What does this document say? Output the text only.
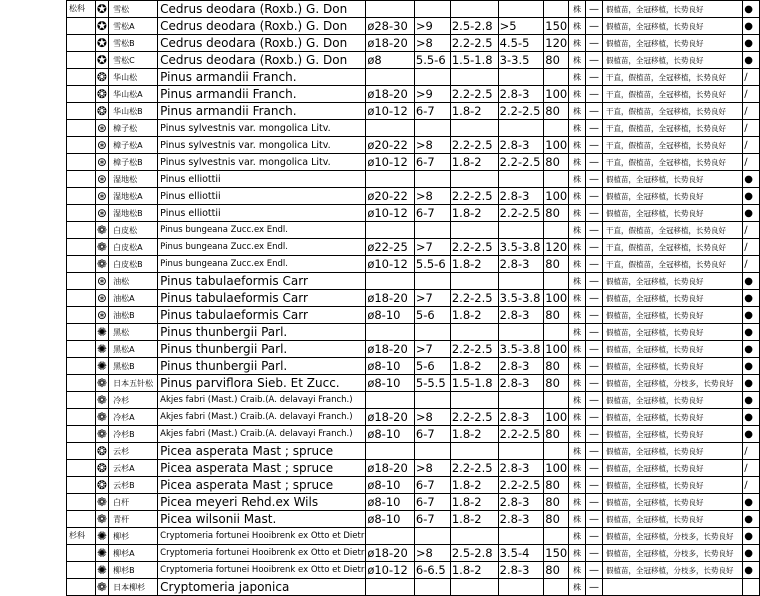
松科	✪	雪松	Cedrus deodara (Roxb.) G. Don						株	—	假植苗，全冠移植，长势良好	●
	✪	雪松A	Cedrus deodara (Roxb.) G. Don	ø28-30	>9	2.5-2.8	>5	150	株	—	假植苗，全冠移植，长势良好	●
	✪	雪松B	Cedrus deodara (Roxb.) G. Don	ø18-20	>8	2.2-2.5	4.5-5	120	株	—	假植苗，全冠移植，长势良好	●
	✪	雪松C	Cedrus deodara (Roxb.) G. Don	ø8	5.5-6	1.5-1.8	3-3.5	80	株	—	假植苗，全冠移植，长势良好	●
	❂	华山松	Pinus armandii Franch.						株	—	干直，假植苗，全冠移植，长势良好	∕
	❂	华山松A	Pinus armandii Franch.	ø18-20	>9	2.2-2.5	2.8-3	100	株	—	干直，假植苗，全冠移植，长势良好	∕
	❂	华山松B	Pinus armandii Franch.	ø10-12	6-7	1.8-2	2.2-2.5	80	株	—	干直，假植苗，全冠移植，长势良好	∕
	⊛	樟子松	Pinus sylvestnis var. mongolica Litv.						株	—	干直，假植苗，全冠移植，长势良好	∕
	⊛	樟子松A	Pinus sylvestnis var. mongolica Litv.	ø20-22	>8	2.2-2.5	2.8-3	100	株	—	干直，假植苗，全冠移植，长势良好	∕
	⊛	樟子松B	Pinus sylvestnis var. mongolica Litv.	ø10-12	6-7	1.8-2	2.2-2.5	80	株	—	干直，假植苗，全冠移植，长势良好	∕
	⊛	湿地松	Pinus elliottii						株	—	假植苗，全冠移植，长势良好	●
	⊛	湿地松A	Pinus elliottii	ø20-22	>8	2.2-2.5	2.8-3	100	株	—	假植苗，全冠移植，长势良好	●
	⊛	湿地松B	Pinus elliottii	ø10-12	6-7	1.8-2	2.2-2.5	80	株	—	假植苗，全冠移植，长势良好	●
	❁	白皮松	Pinus bungeana Zucc.ex Endl.						株	—	干直，假植苗，全冠移植，长势良好	∕
	❁	白皮松A	Pinus bungeana Zucc.ex Endl.	ø22-25	>7	2.2-2.5	3.5-3.8	120	株	—	干直，假植苗，全冠移植，长势良好	∕
	❁	白皮松B	Pinus bungeana Zucc.ex Endl.	ø10-12	5.5-6	1.8-2	2.8-3	80	株	—	干直，假植苗，全冠移植，长势良好	∕
	⊛	油松	Pinus tabulaeformis Carr						株	—	假植苗，全冠移植，长势良好	●
	⊛	油松A	Pinus tabulaeformis Carr	ø18-20	>7	2.2-2.5	3.5-3.8	100	株	—	假植苗，全冠移植，长势良好	●
	⊛	油松B	Pinus tabulaeformis Carr	ø8-10	5-6	1.8-2	2.8-3	80	株	—	假植苗，全冠移植，长势良好	●
	✺	黑松	Pinus thunbergii Parl.						株	—	假植苗，全冠移植，长势良好	●
	✺	黑松A	Pinus thunbergii Parl.	ø18-20	>7	2.2-2.5	3.5-3.8	100	株	—	假植苗，全冠移植，长势良好	●
	✺	黑松B	Pinus thunbergii Parl.	ø8-10	5-6	1.8-2	2.8-3	80	株	—	假植苗，全冠移植，长势良好	●
	❁	日本五针松	Pinus parviflora Sieb. Et Zucc.	ø8-10	5-5.5	1.5-1.8	2.8-3	80	株	—	假植苗，全冠移植，分枝多，长势良好	●
	❁	冷杉	Akjes fabri (Mast.) Craib.(A. delavayi Franch.)						株	—	假植苗，全冠移植，长势良好	●
	❁	冷杉A	Akjes fabri (Mast.) Craib.(A. delavayi Franch.)	ø18-20	>8	2.2-2.5	2.8-3	100	株	—	假植苗，全冠移植，长势良好	●
	❁	冷杉B	Akjes fabri (Mast.) Craib.(A. delavayi Franch.)	ø8-10	6-7	1.8-2	2.2-2.5	80	株	—	假植苗，全冠移植，长势良好	●
	❂	云杉	Picea asperata Mast ; spruce						株	—	假植苗，全冠移植，长势良好	∕
	❂	云杉A	Picea asperata Mast ; spruce	ø18-20	>8	2.2-2.5	2.8-3	100	株	—	假植苗，全冠移植，长势良好	∕
	❂	云杉B	Picea asperata Mast ; spruce	ø8-10	6-7	1.8-2	2.2-2.5	80	株	—	假植苗，全冠移植，长势良好	∕
	❁	白杆	Picea meyeri Rehd.ex Wils	ø8-10	6-7	1.8-2	2.8-3	80	株	—	假植苗，全冠移植，长势良好	●
	❁	青杆	Picea wilsonii Mast.	ø8-10	6-7	1.8-2	2.8-3	80	株	—	假植苗，全冠移植，长势良好	●
杉科	✺	柳杉	Cryptomeria fortunei Hooibrenk ex Otto et Dietr						株	—	假植苗，全冠移植，分枝多，长势良好	●
	✺	柳杉A	Cryptomeria fortunei Hooibrenk ex Otto et Dietr	ø18-20	>8	2.5-2.8	3.5-4	150	株	—	假植苗，全冠移植，分枝多，长势良好	●
	✺	柳杉B	Cryptomeria fortunei Hooibrenk ex Otto et Dietr	ø10-12	6-6.5	1.8-2	2.8-3	80	株	—	假植苗，全冠移植，分枝多，长势良好	●
	❁	日本柳杉	Cryptomeria japonica						株	—		
